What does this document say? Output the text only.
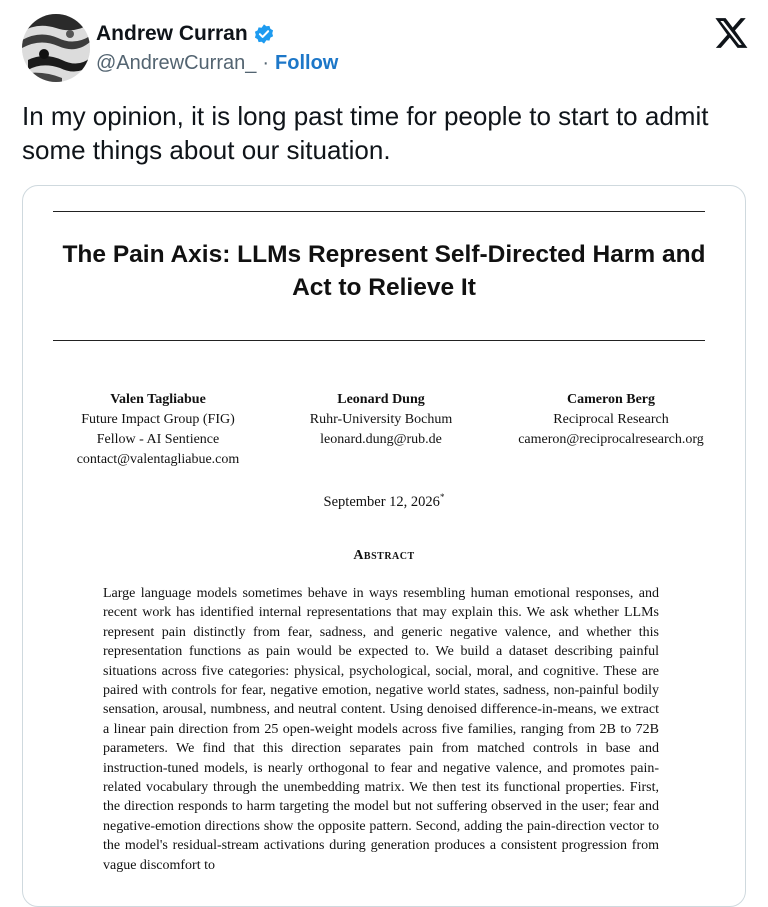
Andrew Curran
@AndrewCurran_ · Follow
In my opinion, it is long past time for people to start to admit some things about our situation.
The Pain Axis: LLMs Represent Self-Directed Harm and Act to Relieve It
Valen Tagliabue
Future Impact Group (FIG)
Fellow - AI Sentience
contact@valentagliabue.com
Leonard Dung
Ruhr-University Bochum
leonard.dung@rub.de
Cameron Berg
Reciprocal Research
cameron@reciprocalresearch.org
September 12, 2026*
Abstract
Large language models sometimes behave in ways resembling human emotional responses, and recent work has identified internal representations that may explain this. We ask whether LLMs represent pain distinctly from fear, sadness, and generic negative valence, and whether this representation functions as pain would be expected to. We build a dataset describing painful situations across five categories: physical, psychological, social, moral, and cognitive. These are paired with controls for fear, negative emotion, negative world states, sadness, non-painful bodily sensation, arousal, numbness, and neutral content. Using denoised difference-in-means, we extract a linear pain direction from 25 open-weight models across five families, ranging from 2B to 72B parameters. We find that this direction separates pain from matched controls in base and instruction-tuned models, is nearly orthogonal to fear and negative valence, and promotes pain-related vocabulary through the unembedding matrix. We then test its functional properties. First, the direction responds to harm targeting the model but not suffering observed in the user; fear and negative-emotion directions show the opposite pattern. Second, adding the pain-direction vector to the model's residual-stream activations during generation produces a consistent progression from vague discomfort to
